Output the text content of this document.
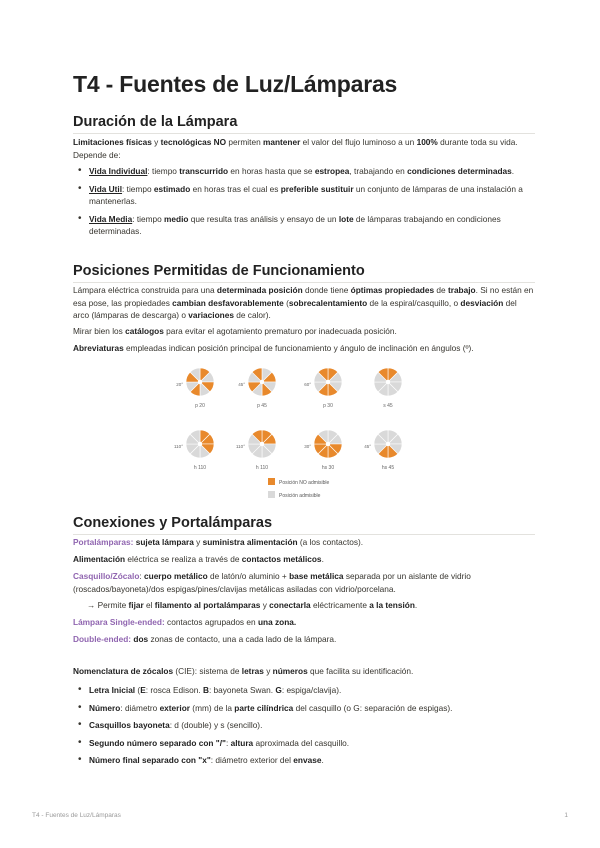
T4 - Fuentes de Luz/Lámparas
Duración de la Lámpara

Limitaciones físicas y tecnológicas NO permiten mantener el valor del flujo luminoso a un 100% durante toda su vida. Depende de:

• Vida Individual: tiempo transcurrido en horas hasta que se estropea, trabajando en condiciones determinadas.
• Vida Util: tiempo estimado en horas tras el cual es preferible sustituir un conjunto de lámparas de una instalación a mantenerlas.
• Vida Media: tiempo medio que resulta tras análisis y ensayo de un lote de lámparas trabajando en condiciones determinadas.
Posiciones Permitidas de Funcionamiento

Lámpara eléctrica construida para una determinada posición donde tiene óptimas propiedades de trabajo. Si no están en esa pose, las propiedades cambian desfavorablemente (sobrecalentamiento de la espiral/casquillo, o desviación del arco (lámparas de descarga) o variaciones de calor).

Mirar bien los catálogos para evitar el agotamiento prematuro por inadecuada posición.

Abreviaturas empleadas indican posición principal de funcionamiento y ángulo de inclinación en ángulos (º).

p 20
20°
p 45
45°
p 30
60°
s 45
h 110
110°
h 110
110°
hs 30
30°
hs 45
45°
Posición NO admisible
Posición admisible
Conexiones y Portalámparas

Portalámparas: sujeta lámpara y suministra alimentación (a los contactos).

Alimentación eléctrica se realiza a través de contactos metálicos.

Casquillo/Zócalo: cuerpo metálico de latón/o aluminio + base metálica separada por un aislante de vidrio (roscados/bayoneta)/dos espigas/pines/clavijas metálicas asiladas con vidrio/porcelana.

→ Permite fijar el filamento al portalámparas y conectarla eléctricamente a la tensión.

Lámpara Single-ended: contactos agrupados en una zona.

Double-ended: dos zonas de contacto, una a cada lado de la lámpara.

Nomenclatura de zócalos (CIE): sistema de letras y números que facilita su identificación.

• Letra Inicial (E: rosca Edison. B: bayoneta Swan. G: espiga/clavija).
• Número: diámetro exterior (mm) de la parte cilíndrica del casquillo (o G: separación de espigas).
• Casquillos bayoneta: d (double) y s (sencillo).
• Segundo número separado con "/": altura aproximada del casquillo.
• Número final separado con "x": diámetro exterior del envase.
T4 - Fuentes de Luz/Lámparas	1
